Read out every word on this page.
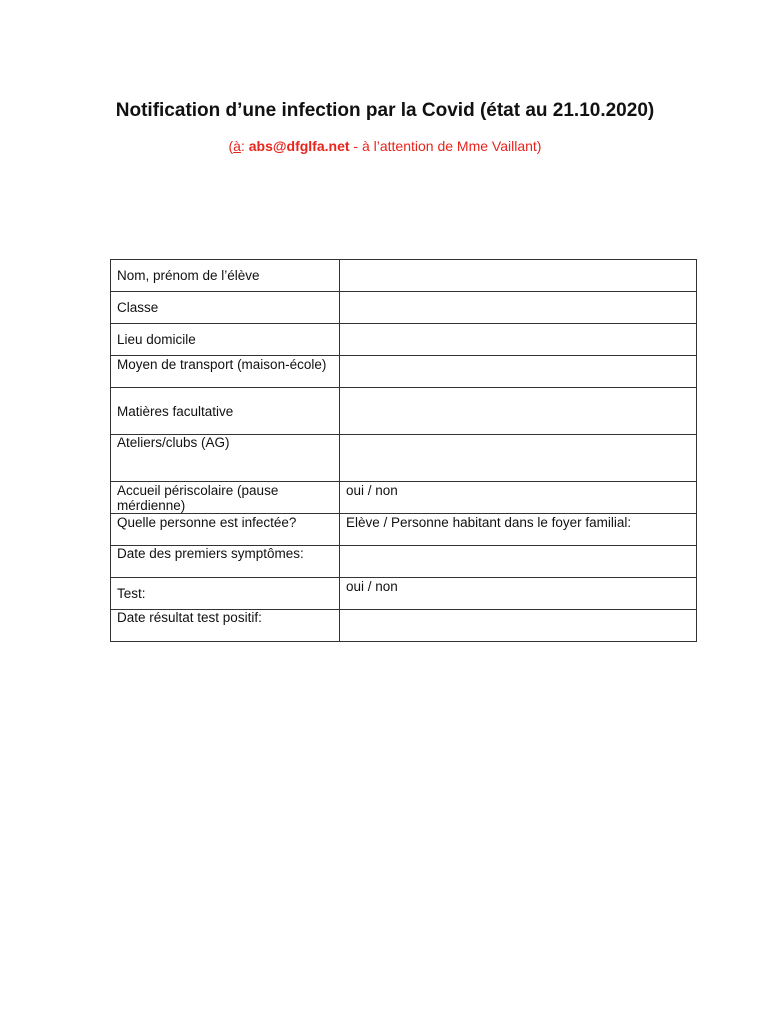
Notification d’une infection par la Covid (état au 21.10.2020)
(à: abs@dfglfa.net - à l’attention de Mme Vaillant)
Nom, prénom de l’élève	

Classe	

Lieu domicile	

Moyen de transport (maison-école)	

Matières facultative	

Ateliers/clubs (AG)	

Accueil périscolaire (pause mérdienne)	oui / non

Quelle personne est infectée?	Elève / Personne habitant dans le foyer familial:

Date des premiers symptômes:	

Test:	oui / non

Date résultat test positif:	
